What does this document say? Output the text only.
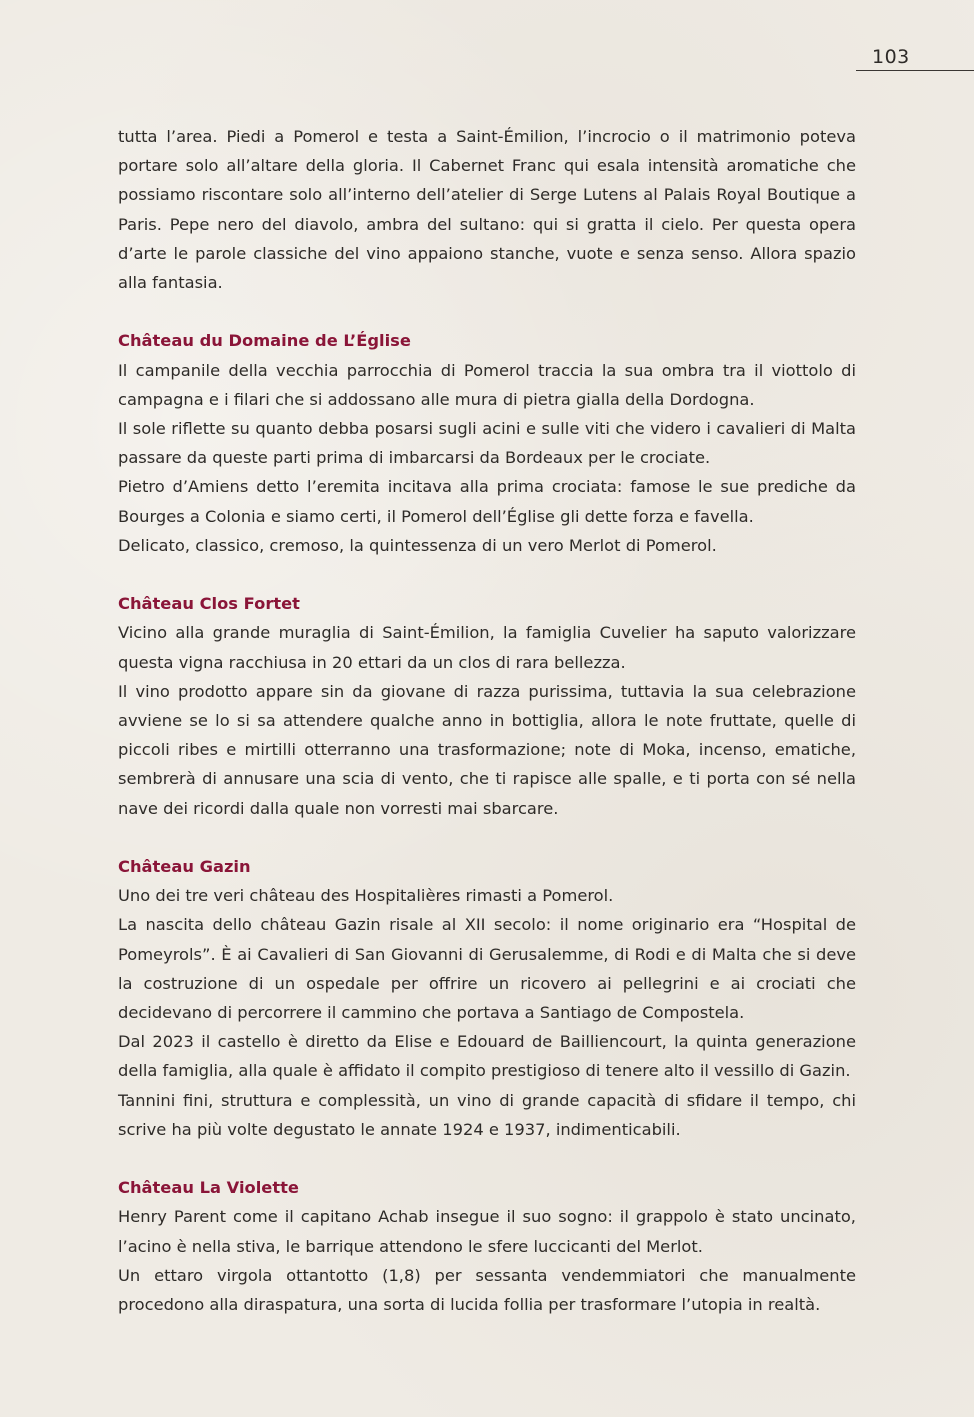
103

tutta l’area. Piedi a Pomerol e testa a Saint-Émilion, l’incrocio o il matrimonio poteva portare solo all’altare della gloria. Il Cabernet Franc qui esala intensità aromatiche che possiamo riscontare solo all’interno dell’atelier di Serge Lutens al Palais Royal Boutique a Paris. Pepe nero del diavolo, ambra del sultano: qui si gratta il cielo. Per questa opera d’arte le parole classiche del vino appaiono stanche, vuote e senza senso. Allora spazio alla fantasia.

Château du Domaine de L’Église

Il campanile della vecchia parrocchia di Pomerol traccia la sua ombra tra il viottolo di campagna e i filari che si addossano alle mura di pietra gialla della Dordogna.

Il sole riflette su quanto debba posarsi sugli acini e sulle viti che videro i cavalieri di Malta passare da queste parti prima di imbarcarsi da Bordeaux per le crociate.

Pietro d’Amiens detto l’eremita incitava alla prima crociata: famose le sue prediche da Bourges a Colonia e siamo certi, il Pomerol dell’Église gli dette forza e favella.

Delicato, classico, cremoso, la quintessenza di un vero Merlot di Pomerol.

Château Clos Fortet

Vicino alla grande muraglia di Saint-Émilion, la famiglia Cuvelier ha saputo valorizzare questa vigna racchiusa in 20 ettari da un clos di rara bellezza.

Il vino prodotto appare sin da giovane di razza purissima, tuttavia la sua celebrazione avviene se lo si sa attendere qualche anno in bottiglia, allora le note fruttate, quelle di piccoli ribes e mirtilli otterranno una trasformazione; note di Moka, incenso, ematiche, sembrerà di annusare una scia di vento, che ti rapisce alle spalle, e ti porta con sé nella nave dei ricordi dalla quale non vorresti mai sbarcare.

Château Gazin

Uno dei tre veri château des Hospitalières rimasti a Pomerol.

La nascita dello château Gazin risale al XII secolo: il nome originario era “Hospital de Pomeyrols”. È ai Cavalieri di San Giovanni di Gerusalemme, di Rodi e di Malta che si deve la costruzione di un ospedale per offrire un ricovero ai pellegrini e ai crociati che decidevano di percorrere il cammino che portava a Santiago de Compostela.

Dal 2023 il castello è diretto da Elise e Edouard de Bailliencourt, la quinta generazione della famiglia, alla quale è affidato il compito prestigioso di tenere alto il vessillo di Gazin.

Tannini fini, struttura e complessità, un vino di grande capacità di sfidare il tempo, chi scrive ha più volte degustato le annate 1924 e 1937, indimenticabili.

Château La Violette

Henry Parent come il capitano Achab insegue il suo sogno: il grappolo è stato uncinato, l’acino è nella stiva, le barrique attendono le sfere luccicanti del Merlot.

Un ettaro virgola ottantotto (1,8) per sessanta vendemmiatori che manualmente procedono alla diraspatura, una sorta di lucida follia per trasformare l’utopia in realtà.
